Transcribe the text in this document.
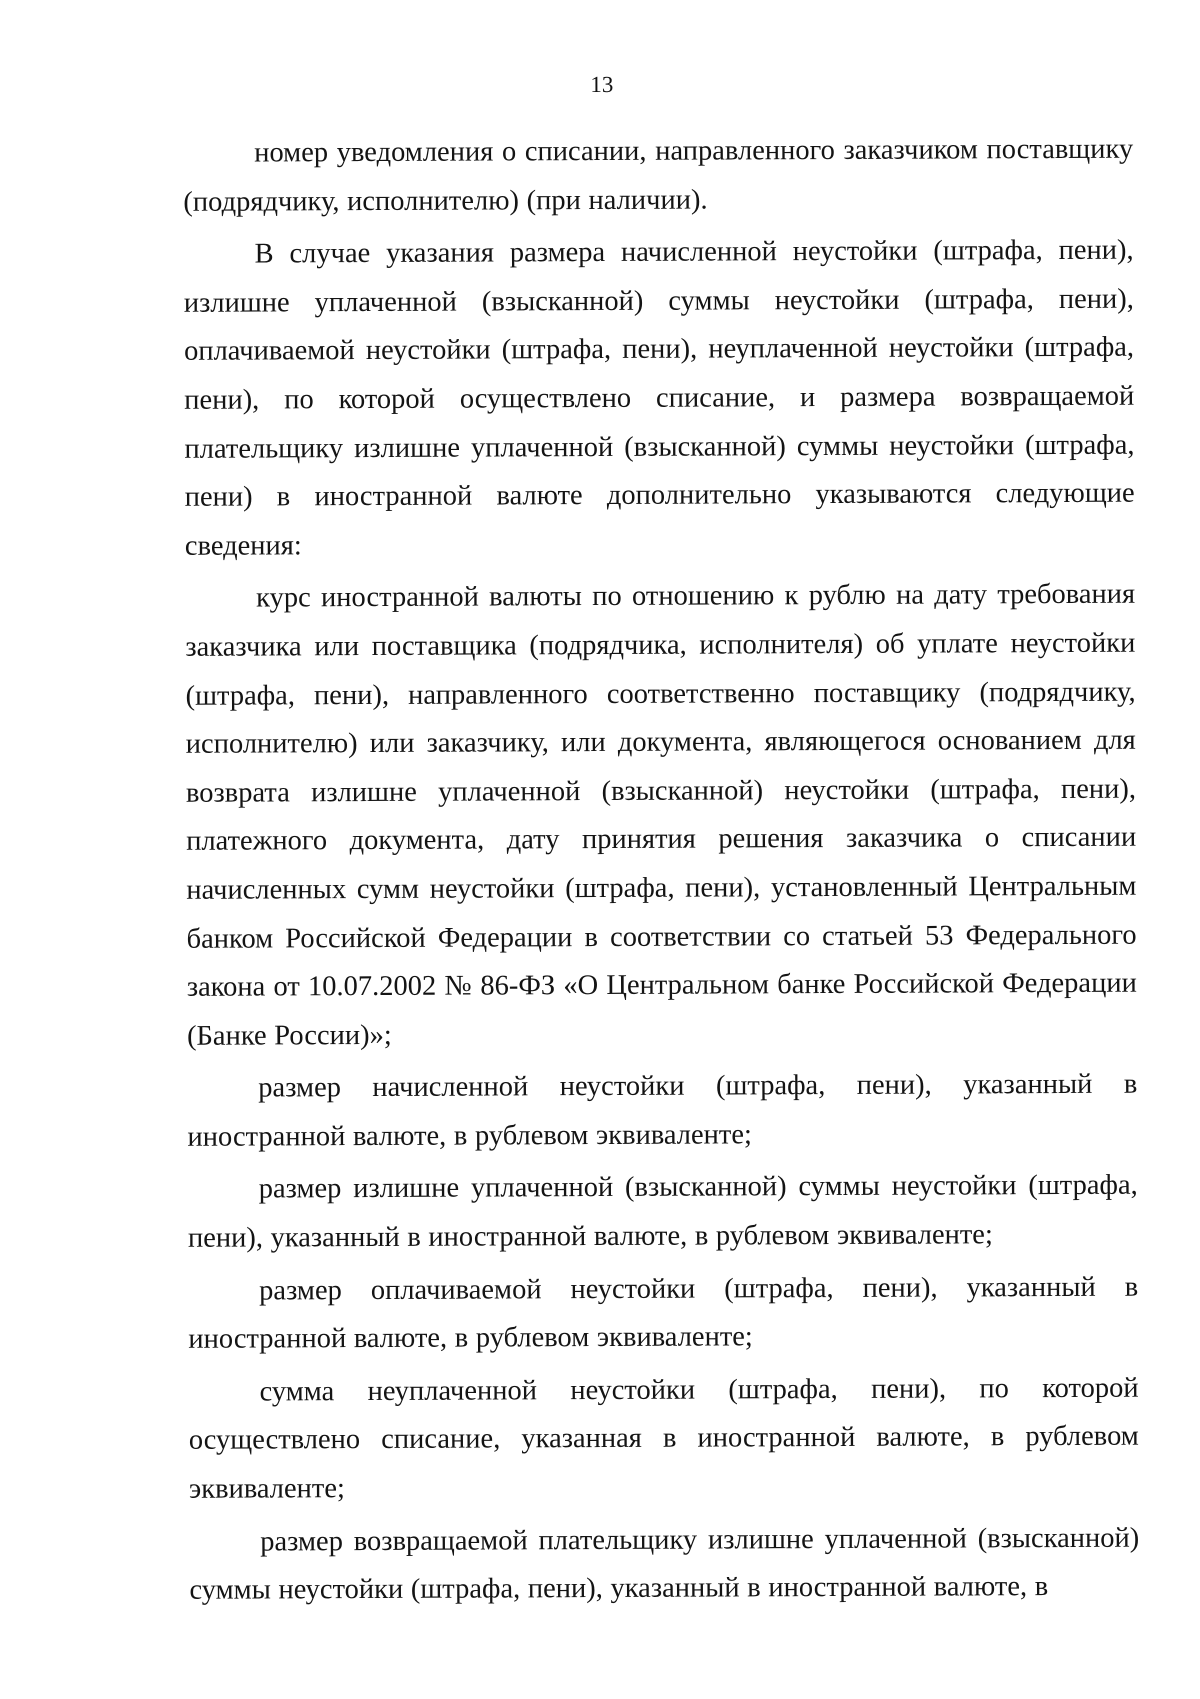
13

номер уведомления о списании, направленного заказчиком поставщику (подрядчику, исполнителю) (при наличии).

В случае указания размера начисленной неустойки (штрафа, пени), излишне уплаченной (взысканной) суммы неустойки (штрафа, пени), оплачиваемой неустойки (штрафа, пени), неуплаченной неустойки (штрафа, пени), по которой осуществлено списание, и размера возвращаемой плательщику излишне уплаченной (взысканной) суммы неустойки (штрафа, пени) в иностранной валюте дополнительно указываются следующие сведения:

курс иностранной валюты по отношению к рублю на дату требования заказчика или поставщика (подрядчика, исполнителя) об уплате неустойки (штрафа, пени), направленного соответственно поставщику (подрядчику, исполнителю) или заказчику, или документа, являющегося основанием для возврата излишне уплаченной (взысканной) неустойки (штрафа, пени), платежного документа, дату принятия решения заказчика о списании начисленных сумм неустойки (штрафа, пени), установленный Центральным банком Российской Федерации в соответствии со статьей 53 Федерального закона от 10.07.2002 № 86-ФЗ «О Центральном банке Российской Федерации (Банке России)»;

размер начисленной неустойки (штрафа, пени), указанный в иностранной валюте, в рублевом эквиваленте;

размер излишне уплаченной (взысканной) суммы неустойки (штрафа, пени), указанный в иностранной валюте, в рублевом эквиваленте;

размер оплачиваемой неустойки (штрафа, пени), указанный в иностранной валюте, в рублевом эквиваленте;

сумма неуплаченной неустойки (штрафа, пени), по которой осуществлено списание, указанная в иностранной валюте, в рублевом эквиваленте;

размер возвращаемой плательщику излишне уплаченной (взысканной) суммы неустойки (штрафа, пени), указанный в иностранной валюте, в
